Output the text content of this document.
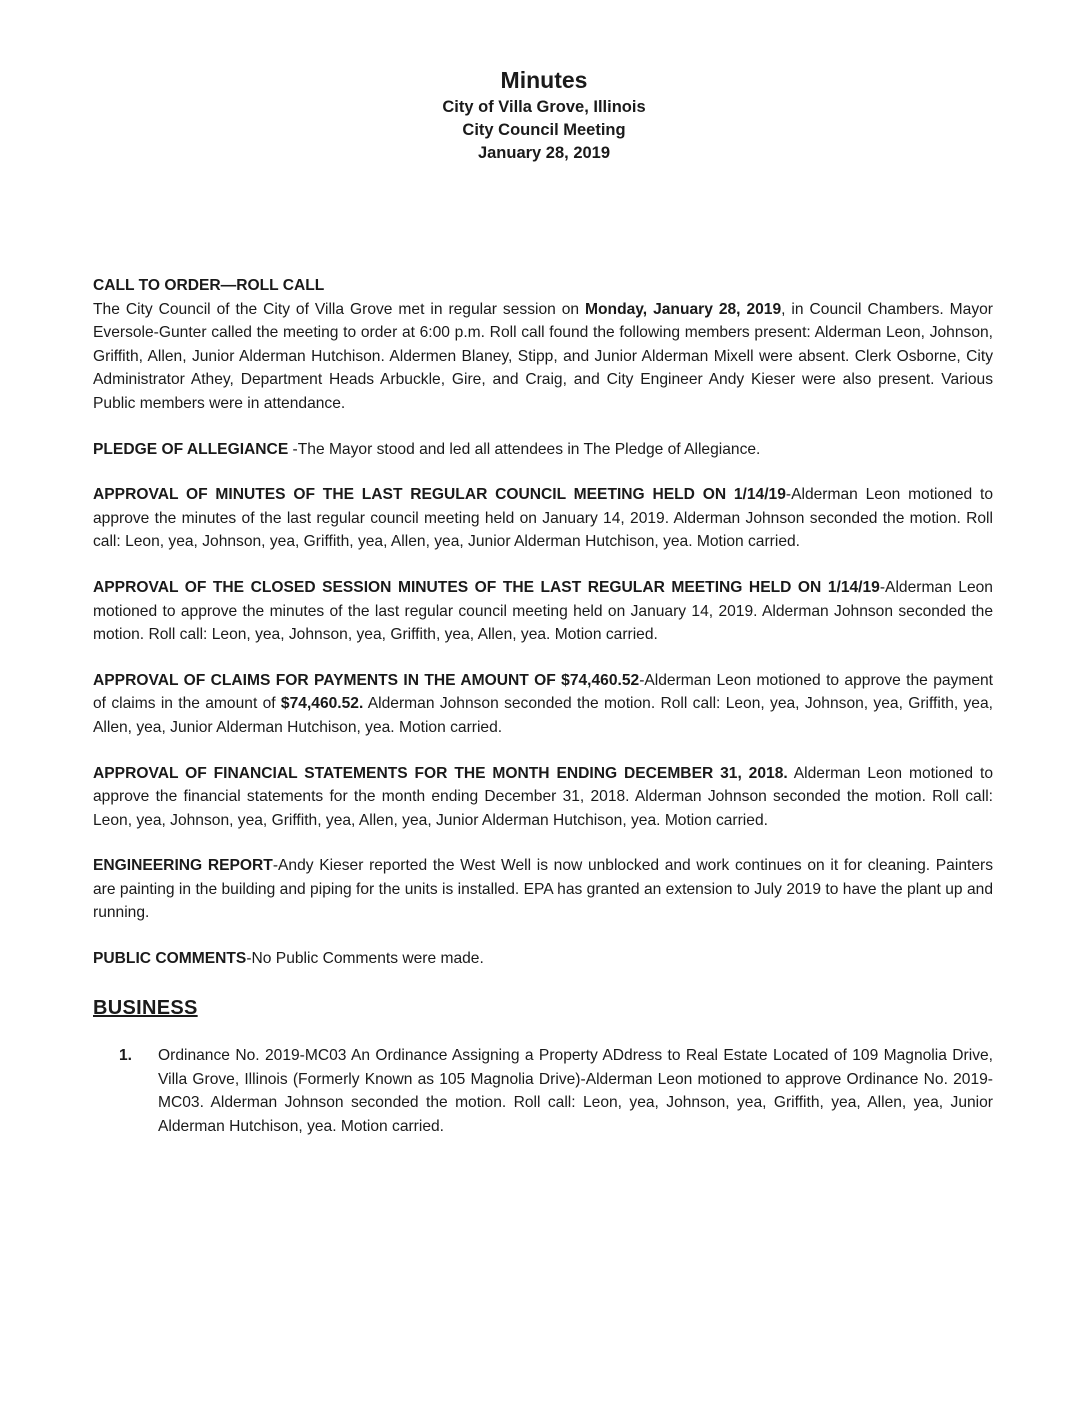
Minutes

City of Villa Grove, Illinois

City Council Meeting

January 28, 2019

CALL TO ORDER—ROLL CALL
The City Council of the City of Villa Grove met in regular session on Monday, January 28, 2019, in Council Chambers. Mayor Eversole-Gunter called the meeting to order at 6:00 p.m. Roll call found the following members present: Alderman Leon, Johnson, Griffith, Allen, Junior Alderman Hutchison. Aldermen Blaney, Stipp, and Junior Alderman Mixell were absent. Clerk Osborne, City Administrator Athey, Department Heads Arbuckle, Gire, and Craig, and City Engineer Andy Kieser were also present. Various Public members were in attendance.

PLEDGE OF ALLEGIANCE -The Mayor stood and led all attendees in The Pledge of Allegiance.

APPROVAL OF MINUTES OF THE LAST REGULAR COUNCIL MEETING HELD ON 1/14/19-Alderman Leon motioned to approve the minutes of the last regular council meeting held on January 14, 2019. Alderman Johnson seconded the motion. Roll call: Leon, yea, Johnson, yea, Griffith, yea, Allen, yea, Junior Alderman Hutchison, yea. Motion carried.

APPROVAL OF THE CLOSED SESSION MINUTES OF THE LAST REGULAR MEETING HELD ON 1/14/19-Alderman Leon motioned to approve the minutes of the last regular council meeting held on January 14, 2019. Alderman Johnson seconded the motion. Roll call: Leon, yea, Johnson, yea, Griffith, yea, Allen, yea. Motion carried.

APPROVAL OF CLAIMS FOR PAYMENTS IN THE AMOUNT OF $74,460.52-Alderman Leon motioned to approve the payment of claims in the amount of $74,460.52. Alderman Johnson seconded the motion. Roll call: Leon, yea, Johnson, yea, Griffith, yea, Allen, yea, Junior Alderman Hutchison, yea. Motion carried.

APPROVAL OF FINANCIAL STATEMENTS FOR THE MONTH ENDING DECEMBER 31, 2018. Alderman Leon motioned to approve the financial statements for the month ending December 31, 2018. Alderman Johnson seconded the motion. Roll call: Leon, yea, Johnson, yea, Griffith, yea, Allen, yea, Junior Alderman Hutchison, yea. Motion carried.

ENGINEERING REPORT-Andy Kieser reported the West Well is now unblocked and work continues on it for cleaning. Painters are painting in the building and piping for the units is installed. EPA has granted an extension to July 2019 to have the plant up and running.

PUBLIC COMMENTS-No Public Comments were made.

BUSINESS
1. Ordinance No. 2019-MC03 An Ordinance Assigning a Property ADdress to Real Estate Located of 109 Magnolia Drive, Villa Grove, Illinois (Formerly Known as 105 Magnolia Drive)-Alderman Leon motioned to approve Ordinance No. 2019-MC03. Alderman Johnson seconded the motion. Roll call: Leon, yea, Johnson, yea, Griffith, yea, Allen, yea, Junior Alderman Hutchison, yea. Motion carried.
